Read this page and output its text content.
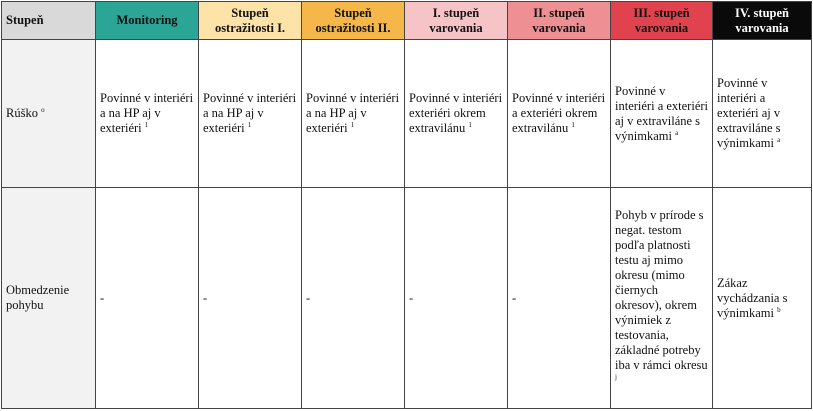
Stupeň	Monitoring	Stupeň ostražitosti I.	Stupeň ostražitosti II.	I. stupeň varovania	II. stupeň varovania	III. stupeň varovania	IV. stupeň varovania
Rúško $^o$	Povinné v interiéri a na HP aj v exteriéri $^1$	Povinné v interiéri a na HP aj v exteriéri $^1$	Povinné v interiéri a na HP aj v exteriéri $^1$	Povinné v interiéri exteriéri okrem extravilánu $^1$	Povinné v interiéri a exteriéri okrem extravilánu $^1$	Povinné v interiéri a exteriéri aj v extraviláne s výnimkami $^a$	Povinné v interiéri a exteriéri aj v extraviláne s výnimkami $^a$
Obmedzenie pohybu	-	-	-	-	-	Pohyb v prírode s negat. testom podľa platnosti testu aj mimo okresu (mimo čiernych okresov), okrem výnimiek z testovania, základné potreby iba v rámci okresu $^j$	Zákaz vychádzania s výnimkami $^b$
